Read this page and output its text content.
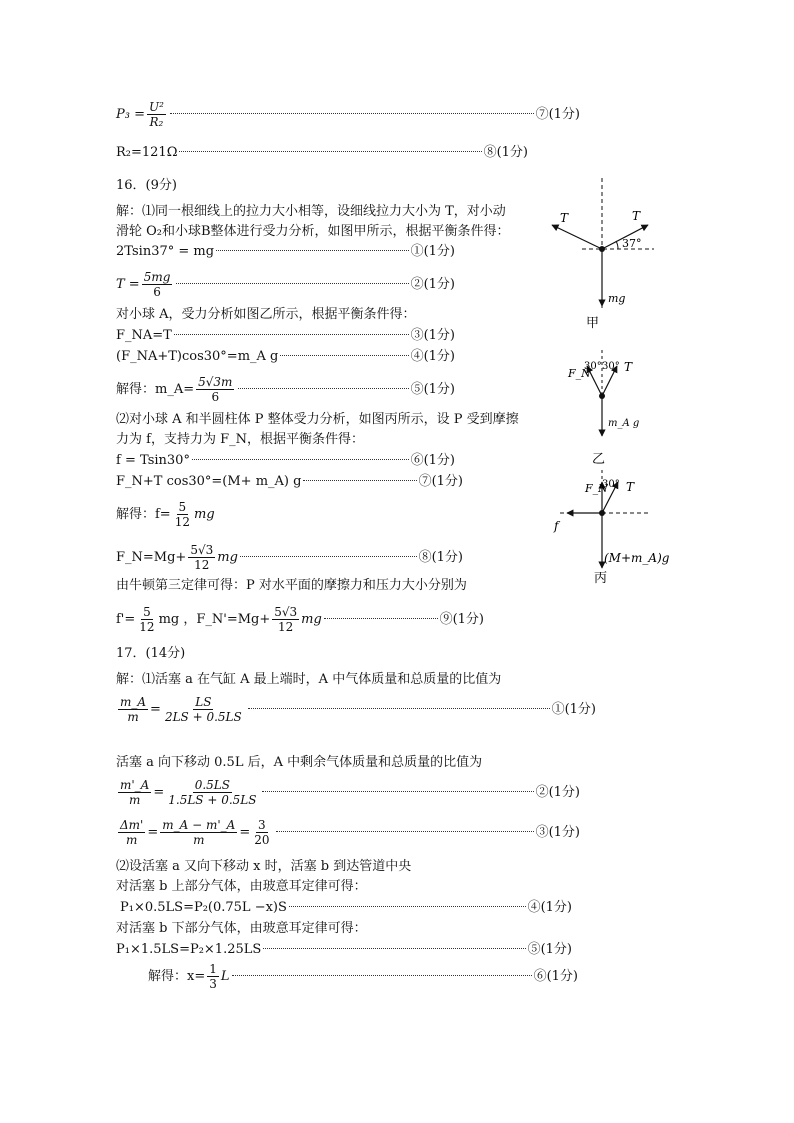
$P_3 = \frac{\text{U²}}{\text{R₂}}$	⑦(1分)
R₂=121Ω	⑧(1分)
16．(9分)
解：⑴同一根细线上的拉力大小相等，设细线拉力大小为 T，对小动
滑轮 O₂和小球B整体进行受力分析，如图甲所示，根据平衡条件得：
2Tsin37° = mg	①(1分)
$T = \frac{5mg}{6}$	②(1分)
对小球 A，受力分析如图乙所示，根据平衡条件得：
F_NA=T	③(1分)
(F_NA+T)cos30°=m_A g	④(1分)
解得：m_A= $\frac{5√3m}{6}$	⑤(1分)
⑵对小球 A 和半圆柱体 P 整体受力分析，如图丙所示，设 P 受到摩擦
力为 f，支持力为 F_N，根据平衡条件得：
f = Tsin30°	⑥(1分)
F_N+T cos30°=(M+ m_A) g	⑦(1分)
解得：$f= \frac{5}{12}$ mg
F_N=Mg+ $\frac{5√3}{12}$ mg	⑧(1分)
由牛顿第三定律可得：P 对水平面的摩擦力和压力大小分别为
$f'= \frac{5}{12}$ mg ，F_N'=Mg+ $\frac{5√3}{12}$ mg	⑨(1分)
T	T
37°
mg
甲
F_N
30° 30° T
m_A g
乙
F_N
30° T
f
(M+m_A)g
丙
17．(14分)
解：⑴活塞 a 在气缸 A 最上端时，A 中气体质量和总质量的比值为
$\frac{m\_A}{m} = \frac{LS}{2LS + 0.5LS}$	①(1分)
活塞 a 向下移动 0.5L 后，A 中剩余气体质量和总质量的比值为
$\frac{m'\_A}{m} = \frac{0.5LS}{1.5LS + 0.5LS}$	②(1分)
$\frac{\Delta m'}{m} = \frac{m\_A - m'\_A}{m} = \frac{3}{20}$	③(1分)
⑵设活塞 a 又向下移动 x 时，活塞 b 到达管道中央
对活塞 b 上部分气体，由玻意耳定律可得：
P₁×0.5LS=P₂(0.75L −x)S	④(1分)
对活塞 b 下部分气体，由玻意耳定律可得：
P₁×1.5LS=P₂×1.25LS	⑤(1分)
解得：$x= \frac{1}{3}$ L	⑥(1分)
